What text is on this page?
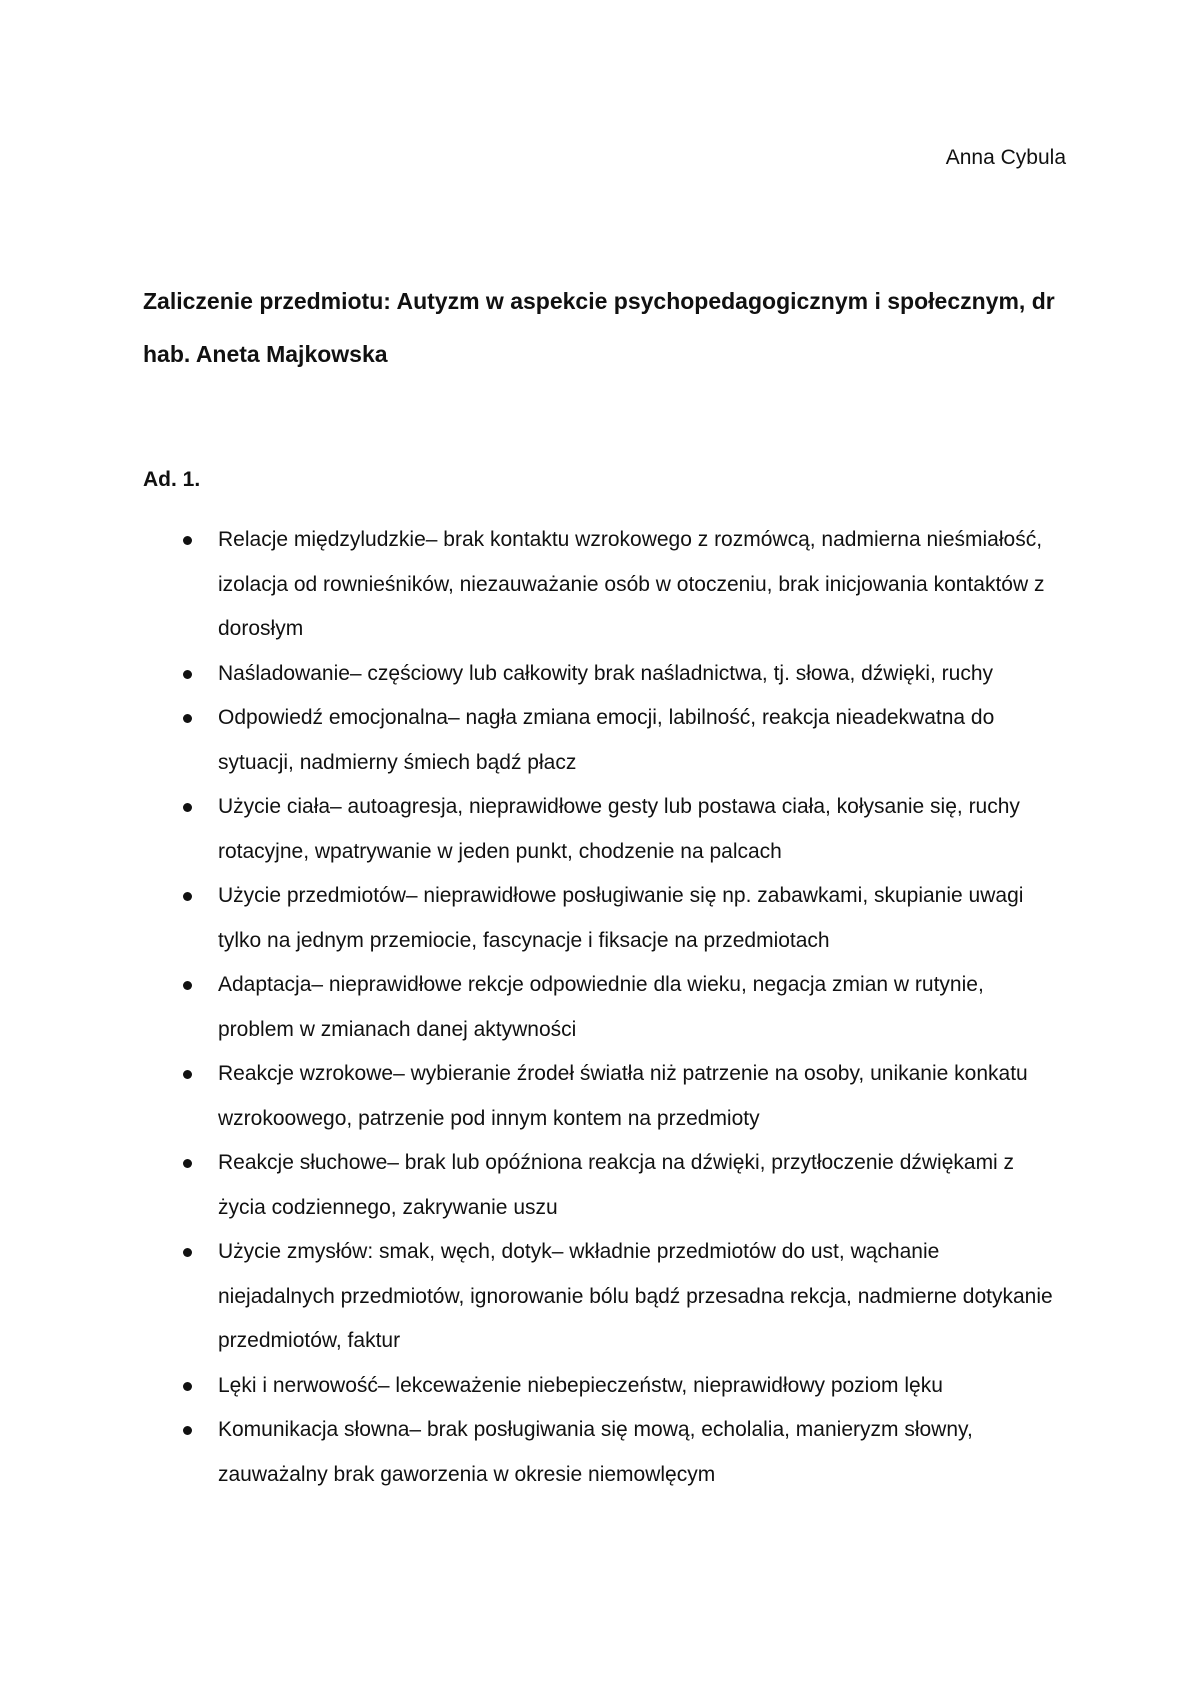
Anna Cybula
Zaliczenie przedmiotu: Autyzm w aspekcie psychopedagogicznym i społecznym, dr hab. Aneta Majkowska
Ad. 1.
Relacje międzyludzkie– brak kontaktu wzrokowego z rozmówcą, nadmierna nieśmiałość, izolacja od rownieśników, niezauważanie osób w otoczeniu, brak inicjowania kontaktów z dorosłym
Naśladowanie– częściowy lub całkowity brak naśladnictwa, tj. słowa, dźwięki, ruchy
Odpowiedź emocjonalna– nagła zmiana emocji, labilność, reakcja nieadekwatna do sytuacji, nadmierny śmiech bądź płacz
Użycie ciała– autoagresja, nieprawidłowe gesty lub postawa ciała, kołysanie się, ruchy rotacyjne, wpatrywanie w jeden punkt, chodzenie na palcach
Użycie przedmiotów– nieprawidłowe posługiwanie się np. zabawkami, skupianie uwagi tylko na jednym przemiocie, fascynacje i fiksacje na przedmiotach
Adaptacja– nieprawidłowe rekcje odpowiednie dla wieku, negacja zmian w rutynie, problem w zmianach danej aktywności
Reakcje wzrokowe– wybieranie źrodeł światła niż patrzenie na osoby, unikanie konkatu wzrokoowego, patrzenie pod innym kontem na przedmioty
Reakcje słuchowe– brak lub opóźniona reakcja na dźwięki, przytłoczenie dźwiękami z życia codziennego, zakrywanie uszu
Użycie zmysłów: smak, węch, dotyk– wkładnie przedmiotów do ust, wąchanie niejadalnych przedmiotów, ignorowanie bólu bądź przesadna rekcja, nadmierne dotykanie przedmiotów, faktur
Lęki i nerwowość– lekceważenie niebepieczeństw, nieprawidłowy poziom lęku
Komunikacja słowna– brak posługiwania się mową, echolalia, manieryzm słowny, zauważalny brak gaworzenia w okresie niemowlęcym
